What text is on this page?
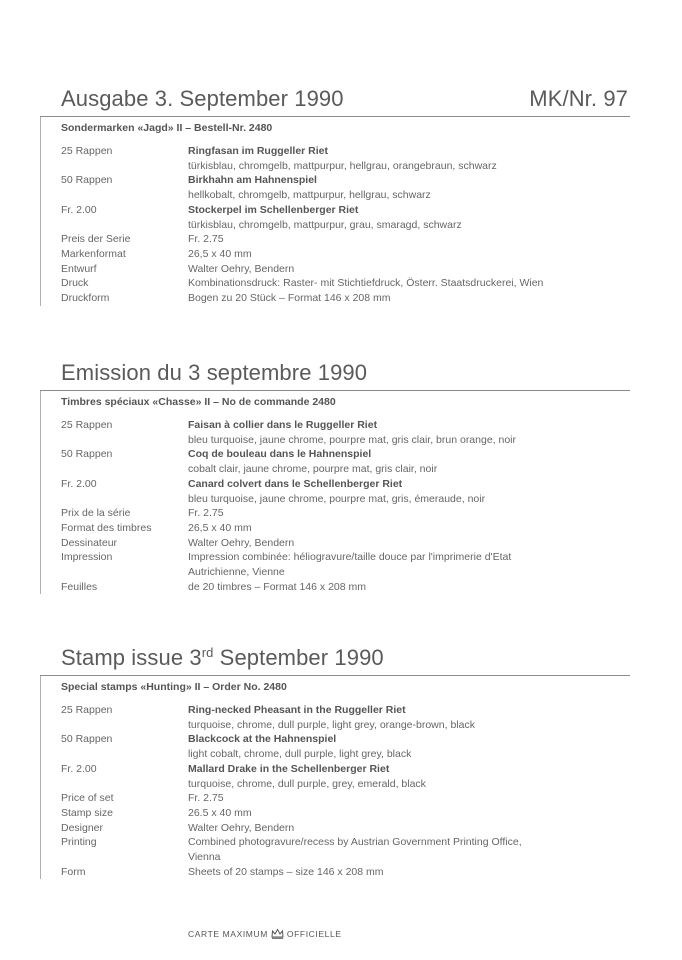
Ausgabe 3. September 1990	MK/Nr. 97
Sondermarken «Jagd» II – Bestell-Nr. 2480
25 Rappen	Ringfasan im Ruggeller Riet
türkisblau, chromgelb, mattpurpur, hellgrau, orangebraun, schwarz
50 Rappen	Birkhahn am Hahnenspiel
hellkobalt, chromgelb, mattpurpur, hellgrau, schwarz
Fr. 2.00	Stockerpel im Schellenberger Riet
türkisblau, chromgelb, mattpurpur, grau, smaragd, schwarz
Preis der Serie	Fr. 2.75
Markenformat	26,5 x 40 mm
Entwurf	Walter Oehry, Bendern
Druck	Kombinationsdruck: Raster- mit Stichtiefdruck, Österr. Staatsdruckerei, Wien
Druckform	Bogen zu 20 Stück – Format 146 x 208 mm
Emission du 3 septembre 1990
Timbres spéciaux «Chasse» II – No de commande 2480
25 Rappen	Faisan à collier dans le Ruggeller Riet
bleu turquoise, jaune chrome, pourpre mat, gris clair, brun orange, noir
50 Rappen	Coq de bouleau dans le Hahnenspiel
cobalt clair, jaune chrome, pourpre mat, gris clair, noir
Fr. 2.00	Canard colvert dans le Schellenberger Riet
bleu turquoise, jaune chrome, pourpre mat, gris, émeraude, noir
Prix de la série	Fr. 2.75
Format des timbres	26,5 x 40 mm
Dessinateur	Walter Oehry, Bendern
Impression	Impression combinée: héliogravure/taille douce par l'imprimerie d'Etat
Autrichienne, Vienne
Feuilles	de 20 timbres – Format 146 x 208 mm
Stamp issue 3rd September 1990
Special stamps «Hunting» II – Order No. 2480
25 Rappen	Ring-necked Pheasant in the Ruggeller Riet
turquoise, chrome, dull purple, light grey, orange-brown, black
50 Rappen	Blackcock at the Hahnenspiel
light cobalt, chrome, dull purple, light grey, black
Fr. 2.00	Mallard Drake in the Schellenberger Riet
turquoise, chrome, dull purple, grey, emerald, black
Price of set	Fr. 2.75
Stamp size	26.5 x 40 mm
Designer	Walter Oehry, Bendern
Printing	Combined photogravure/recess by Austrian Government Printing Office,
Vienna
Form	Sheets of 20 stamps – size 146 x 208 mm
CARTE MAXIMUM OFFICIELLE
